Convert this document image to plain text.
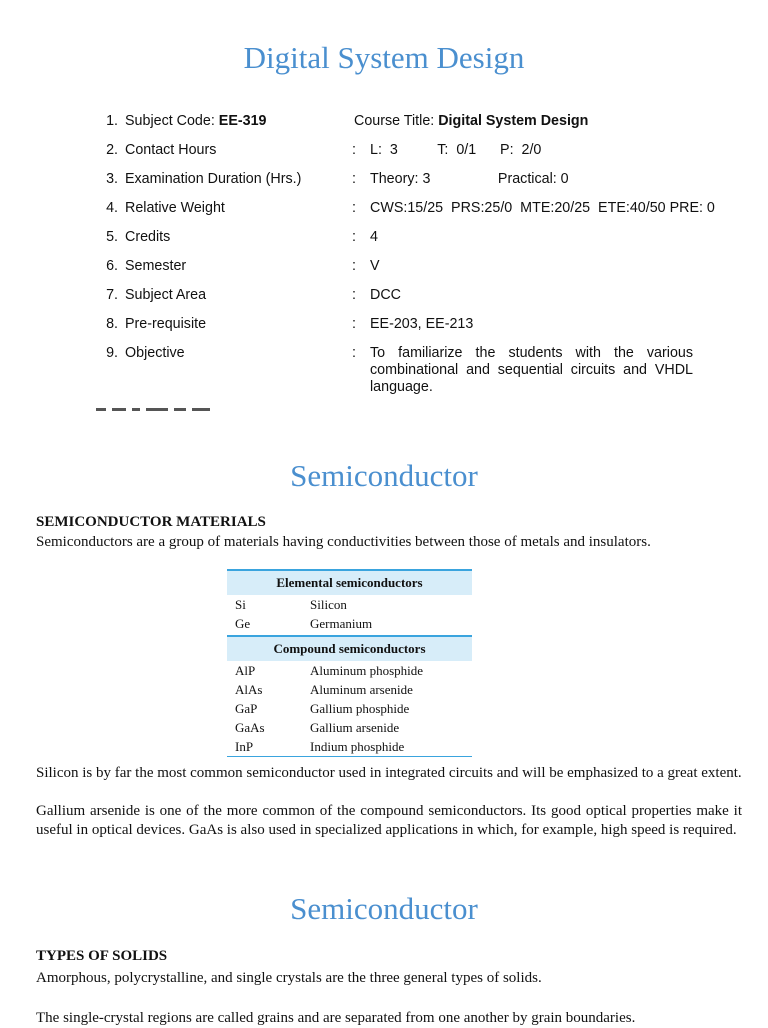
Digital System Design
1. Subject Code: EE-319	Course Title: Digital System Design
2. Contact Hours	: L:  3          T:  0/1      P:  2/0
3. Examination Duration (Hrs.)	: Theory: 3                 Practical: 0
4. Relative Weight	: CWS:15/25  PRS:25/0  MTE:20/25  ETE:40/50 PRE: 0
5. Credits	: 4
6. Semester	: V
7. Subject Area	: DCC
8. Pre-requisite	: EE-203, EE-213
9. Objective	: To familiarize the students with the various combinational and sequential circuits and VHDL language.
Semiconductor
SEMICONDUCTOR MATERIALS

Semiconductors are a group of materials having conductivities between those of metals and insulators.

Elemental semiconductors
Si	Silicon
Ge	Germanium
Compound semiconductors
AlP	Aluminum phosphide
AlAs	Aluminum arsenide
GaP	Gallium phosphide
GaAs	Gallium arsenide
InP	Indium phosphide

Silicon is by far the most common semiconductor used in integrated circuits and will be emphasized to a great extent.

Gallium arsenide is one of the more common of the compound semiconductors. Its good optical properties make it useful in optical devices. GaAs is also used in specialized applications in which, for example, high speed is required.

Semiconductor
TYPES OF SOLIDS

Amorphous, polycrystalline, and single crystals are the three general types of solids.

The single-crystal regions are called grains and are separated from one another by grain boundaries.
